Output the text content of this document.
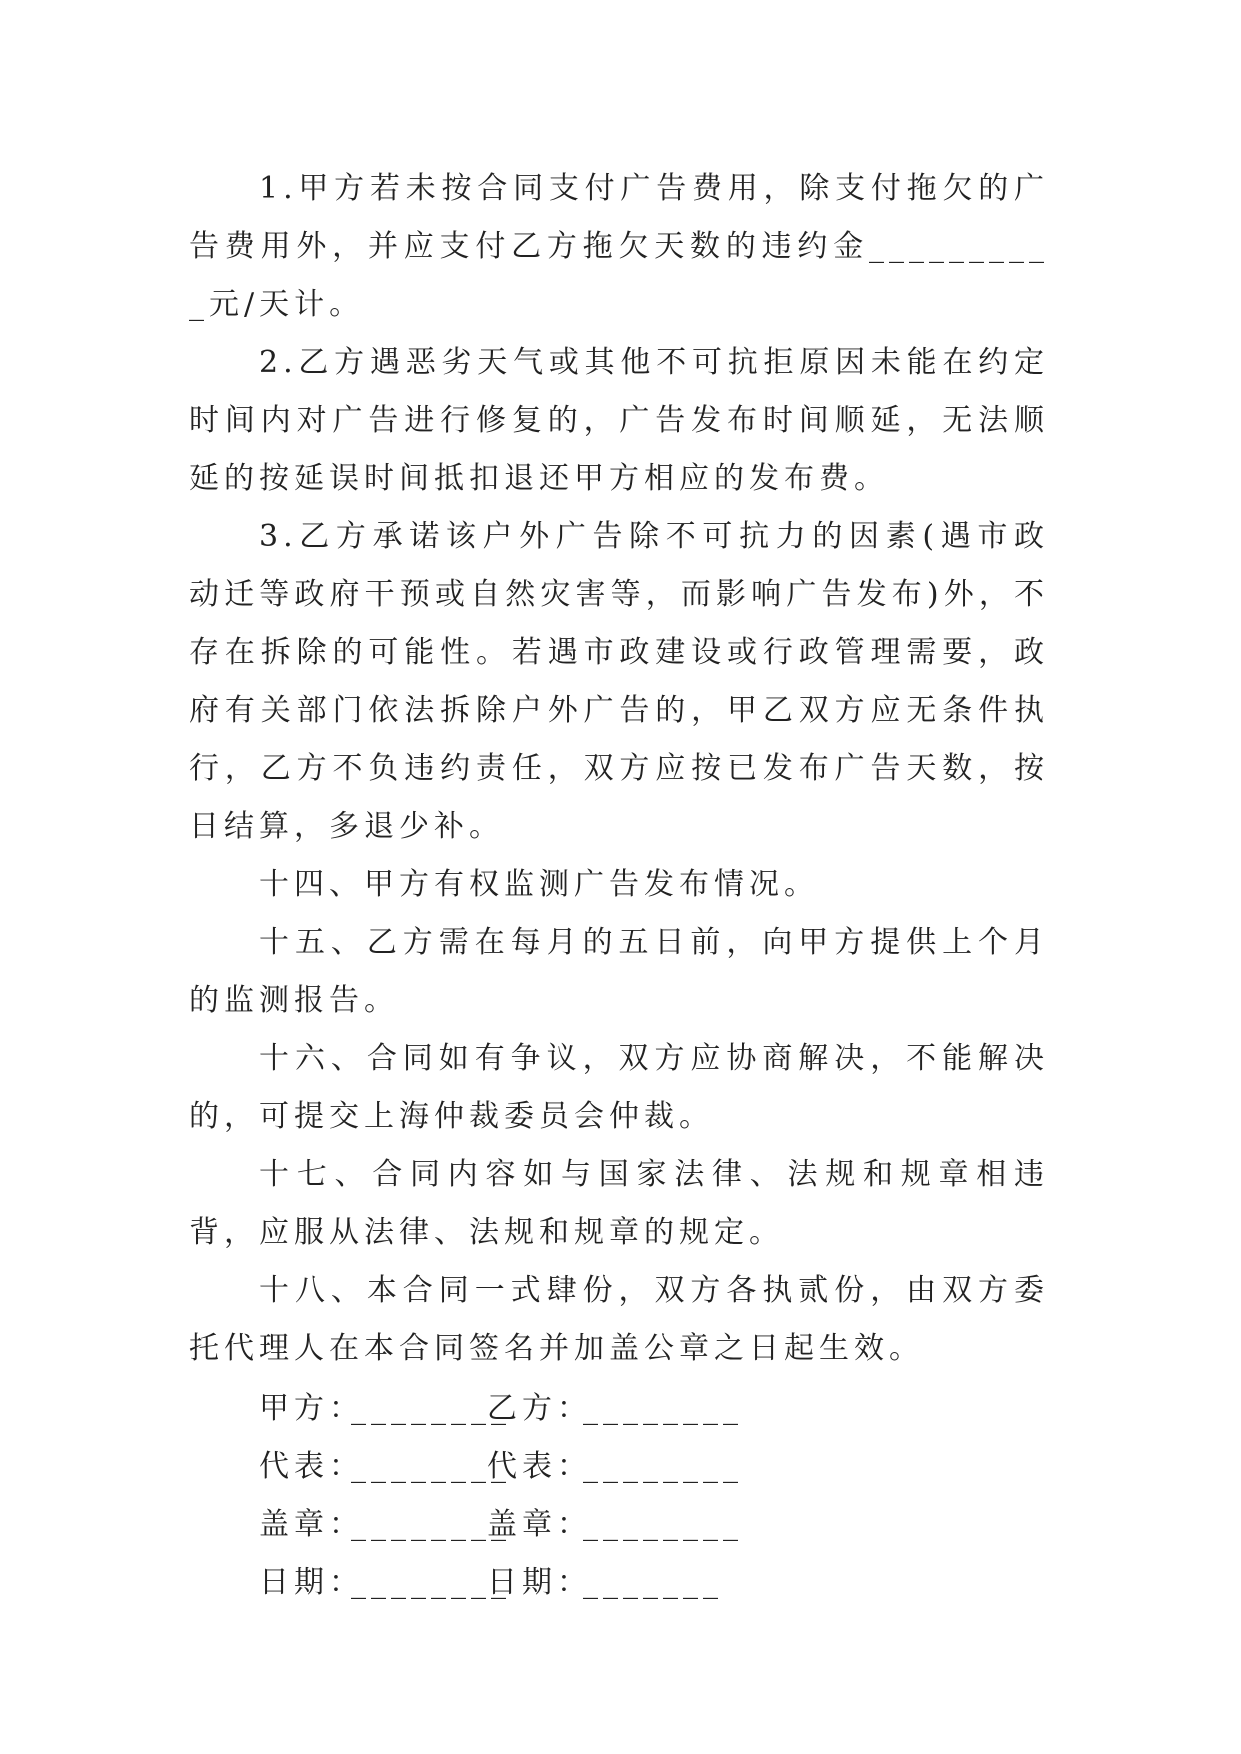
1.甲方若未按合同支付广告费用，除支付拖欠的广告费用外，并应支付乙方拖欠天数的违约金__________元/天计。

2.乙方遇恶劣天气或其他不可抗拒原因未能在约定时间内对广告进行修复的，广告发布时间顺延，无法顺延的按延误时间抵扣退还甲方相应的发布费。

3.乙方承诺该户外广告除不可抗力的因素(遇市政动迁等政府干预或自然灾害等，而影响广告发布)外，不存在拆除的可能性。若遇市政建设或行政管理需要，政府有关部门依法拆除户外广告的，甲乙双方应无条件执行，乙方不负违约责任，双方应按已发布广告天数，按日结算，多退少补。

十四、甲方有权监测广告发布情况。

十五、乙方需在每月的五日前，向甲方提供上个月的监测报告。

十六、合同如有争议，双方应协商解决，不能解决的，可提交上海仲裁委员会仲裁。

十七、合同内容如与国家法律、法规和规章相违背，应服从法律、法规和规章的规定。

十八、本合同一式肆份，双方各执贰份，由双方委托代理人在本合同签名并加盖公章之日起生效。

甲方：________乙方：________
代表：________代表：________
盖章：________盖章：________
日期：________日期：_______
